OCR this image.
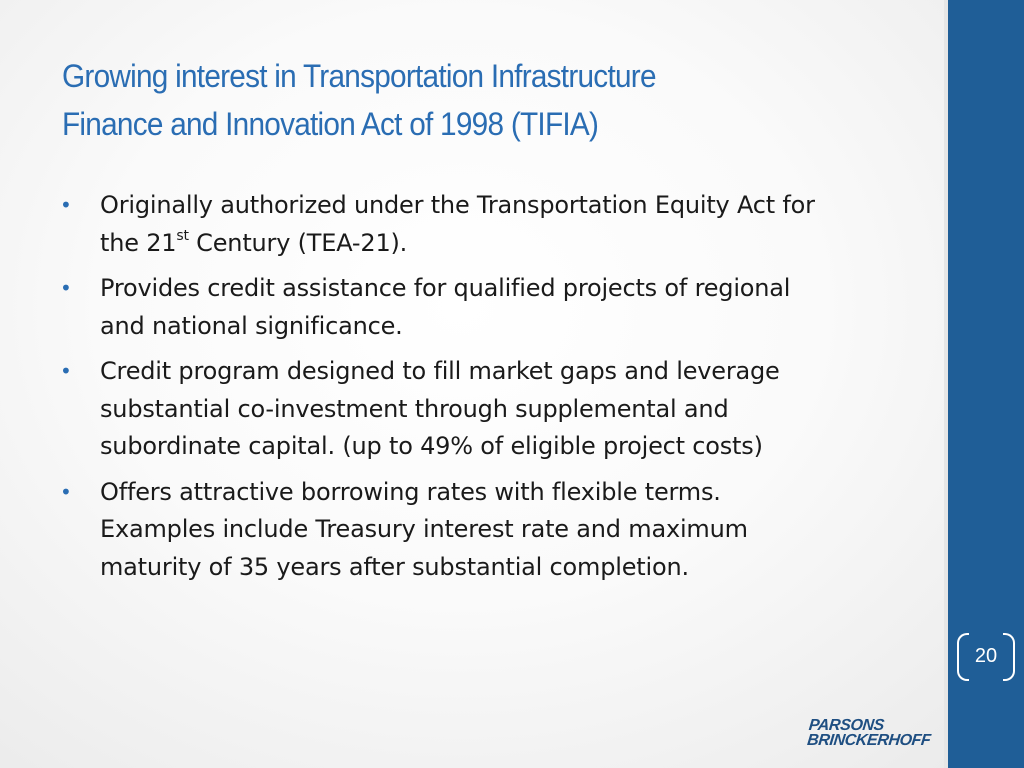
Growing interest in Transportation Infrastructure
Finance and Innovation Act of 1998 (TIFIA)
• Originally authorized under the Transportation Equity Act for
the 21st Century (TEA-21).
• Provides credit assistance for qualified projects of regional
and national significance.
• Credit program designed to fill market gaps and leverage
substantial co-investment through supplemental and
subordinate capital. (up to 49% of eligible project costs)
• Offers attractive borrowing rates with flexible terms.
Examples include Treasury interest rate and maximum
maturity of 35 years after substantial completion.
20
PARSONS
BRINCKERHOFF
